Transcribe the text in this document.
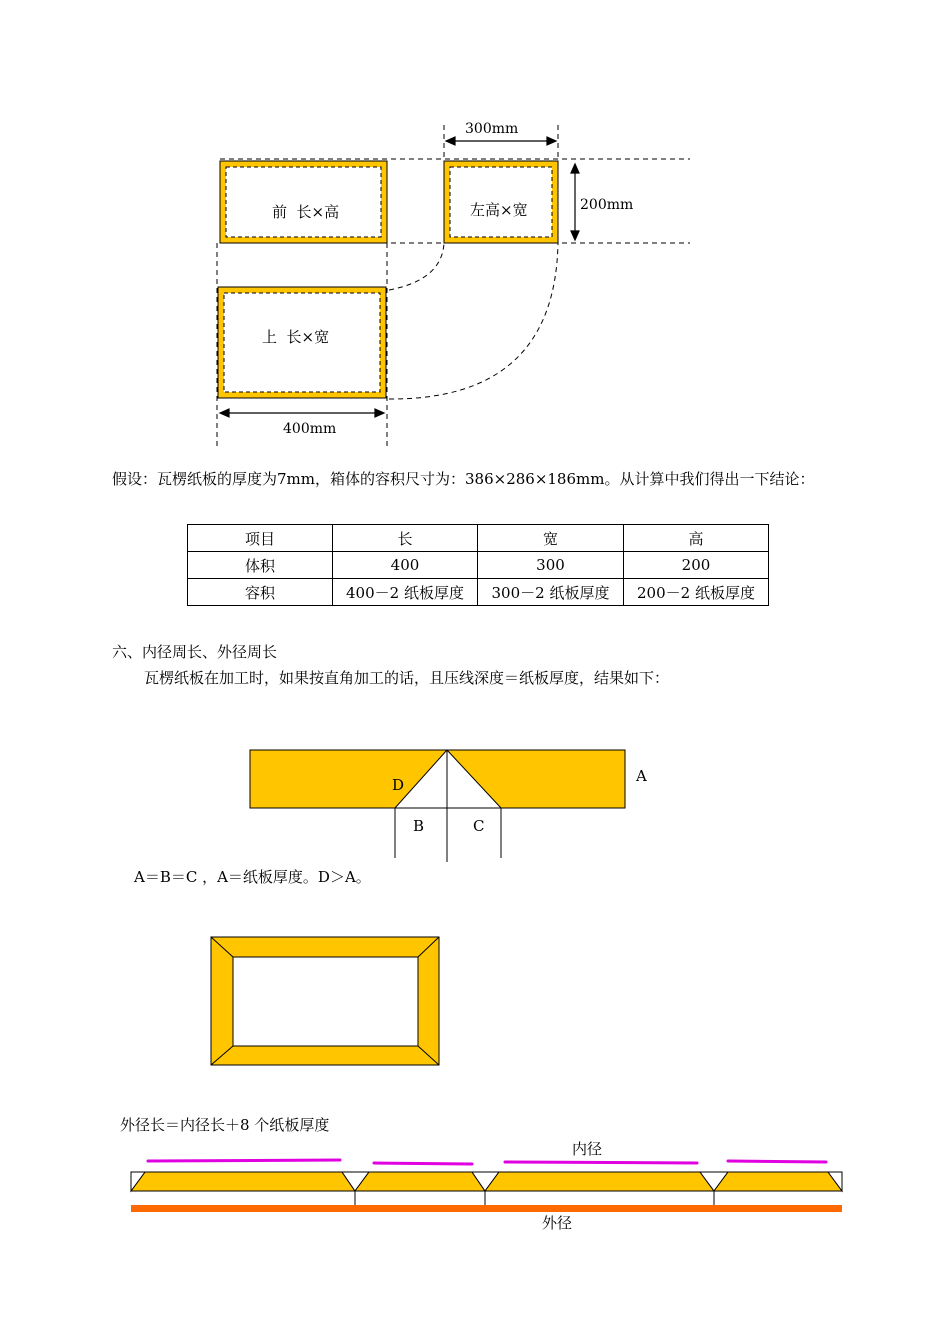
前  长×高	左高×宽
上  长×宽
300mm
200mm
400mm
假设：瓦楞纸板的厚度为7mm，箱体的容积尺寸为：386×286×186mm。从计算中我们得出一下结论：
项目	长	宽	高
体积	400	300	200
容积	400－2 纸板厚度	300－2 纸板厚度	200－2 纸板厚度
六、内径周长、外径周长
瓦楞纸板在加工时，如果按直角加工的话，且压线深度＝纸板厚度，结果如下：
A
D
B	C
A＝B＝C ，A＝纸板厚度。D＞A。
外径长＝内径长＋8 个纸板厚度
内径
外径
